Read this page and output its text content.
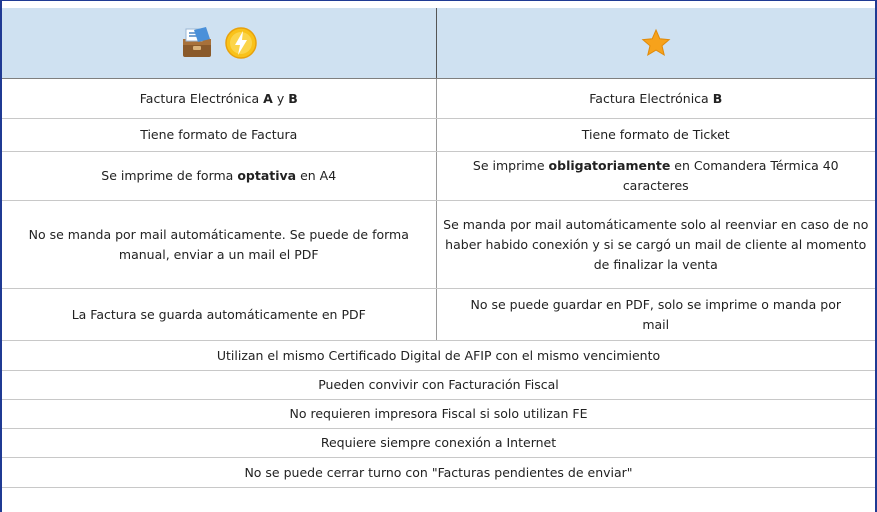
Factura Electrónica A y B	Factura Electrónica B
Tiene formato de Factura	Tiene formato de Ticket
Se imprime de forma optativa en A4	Se imprime obligatoriamente en Comandera Térmica 40 caracteres
No se manda por mail automáticamente. Se puede de forma manual, enviar a un mail el PDF	Se manda por mail automáticamente solo al reenviar en caso de no haber habido conexión y si se cargó un mail de cliente al momento de finalizar la venta
La Factura se guarda automáticamente en PDF	No se puede guardar en PDF, solo se imprime o manda por mail
Utilizan el mismo Certificado Digital de AFIP con el mismo vencimiento	
Pueden convivir con Facturación Fiscal	
No requieren impresora Fiscal si solo utilizan FE	
Requiere siempre conexión a Internet	
No se puede cerrar turno con "Facturas pendientes de enviar"	
